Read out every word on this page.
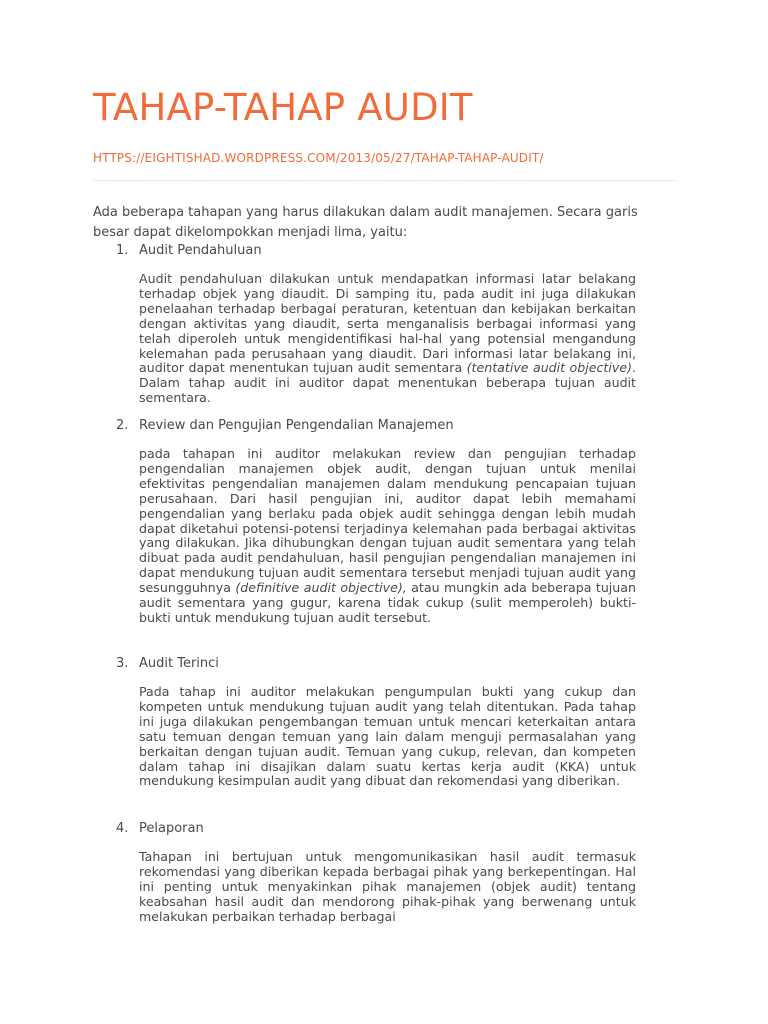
TAHAP-TAHAP AUDIT
HTTPS://EIGHTISHAD.WORDPRESS.COM/2013/05/27/TAHAP-TAHAP-AUDIT/

Ada beberapa tahapan yang harus dilakukan dalam audit manajemen. Secara garis besar dapat dikelompokkan menjadi lima, yaitu:

1. Audit Pendahuluan

Audit pendahuluan dilakukan untuk mendapatkan informasi latar belakang terhadap objek yang diaudit. Di samping itu, pada audit ini juga dilakukan penelaahan terhadap berbagai peraturan, ketentuan dan kebijakan berkaitan dengan aktivitas yang diaudit, serta menganalisis berbagai informasi yang telah diperoleh untuk mengidentifikasi hal-hal yang potensial mengandung kelemahan pada perusahaan yang diaudit. Dari informasi latar belakang ini, auditor dapat menentukan tujuan audit sementara (tentative audit objective). Dalam tahap audit ini auditor dapat menentukan beberapa tujuan audit sementara.

2. Review dan Pengujian Pengendalian Manajemen

pada tahapan ini auditor melakukan review dan pengujian terhadap pengendalian manajemen objek audit, dengan tujuan untuk menilai efektivitas pengendalian manajemen dalam mendukung pencapaian tujuan perusahaan. Dari hasil pengujian ini, auditor dapat lebih memahami pengendalian yang berlaku pada objek audit sehingga dengan lebih mudah dapat diketahui potensi-potensi terjadinya kelemahan pada berbagai aktivitas yang dilakukan. Jika dihubungkan dengan tujuan audit sementara yang telah dibuat pada audit pendahuluan, hasil pengujian pengendalian manajemen ini dapat mendukung tujuan audit sementara tersebut menjadi tujuan audit yang sesungguhnya (definitive audit objective), atau mungkin ada beberapa tujuan audit sementara yang gugur, karena tidak cukup (sulit memperoleh) bukti-bukti untuk mendukung tujuan audit tersebut.

3. Audit Terinci

Pada tahap ini auditor melakukan pengumpulan bukti yang cukup dan kompeten untuk mendukung tujuan audit yang telah ditentukan. Pada tahap ini juga dilakukan pengembangan temuan untuk mencari keterkaitan antara satu temuan dengan temuan yang lain dalam menguji permasalahan yang berkaitan dengan tujuan audit. Temuan yang cukup, relevan, dan kompeten dalam tahap ini disajikan dalam suatu kertas kerja audit (KKA) untuk mendukung kesimpulan audit yang dibuat dan rekomendasi yang diberikan.

4. Pelaporan

Tahapan ini bertujuan untuk mengomunikasikan hasil audit termasuk rekomendasi yang diberikan kepada berbagai pihak yang berkepentingan. Hal ini penting untuk menyakinkan pihak manajemen (objek audit) tentang keabsahan hasil audit dan mendorong pihak-pihak yang berwenang untuk melakukan perbaikan terhadap berbagai
